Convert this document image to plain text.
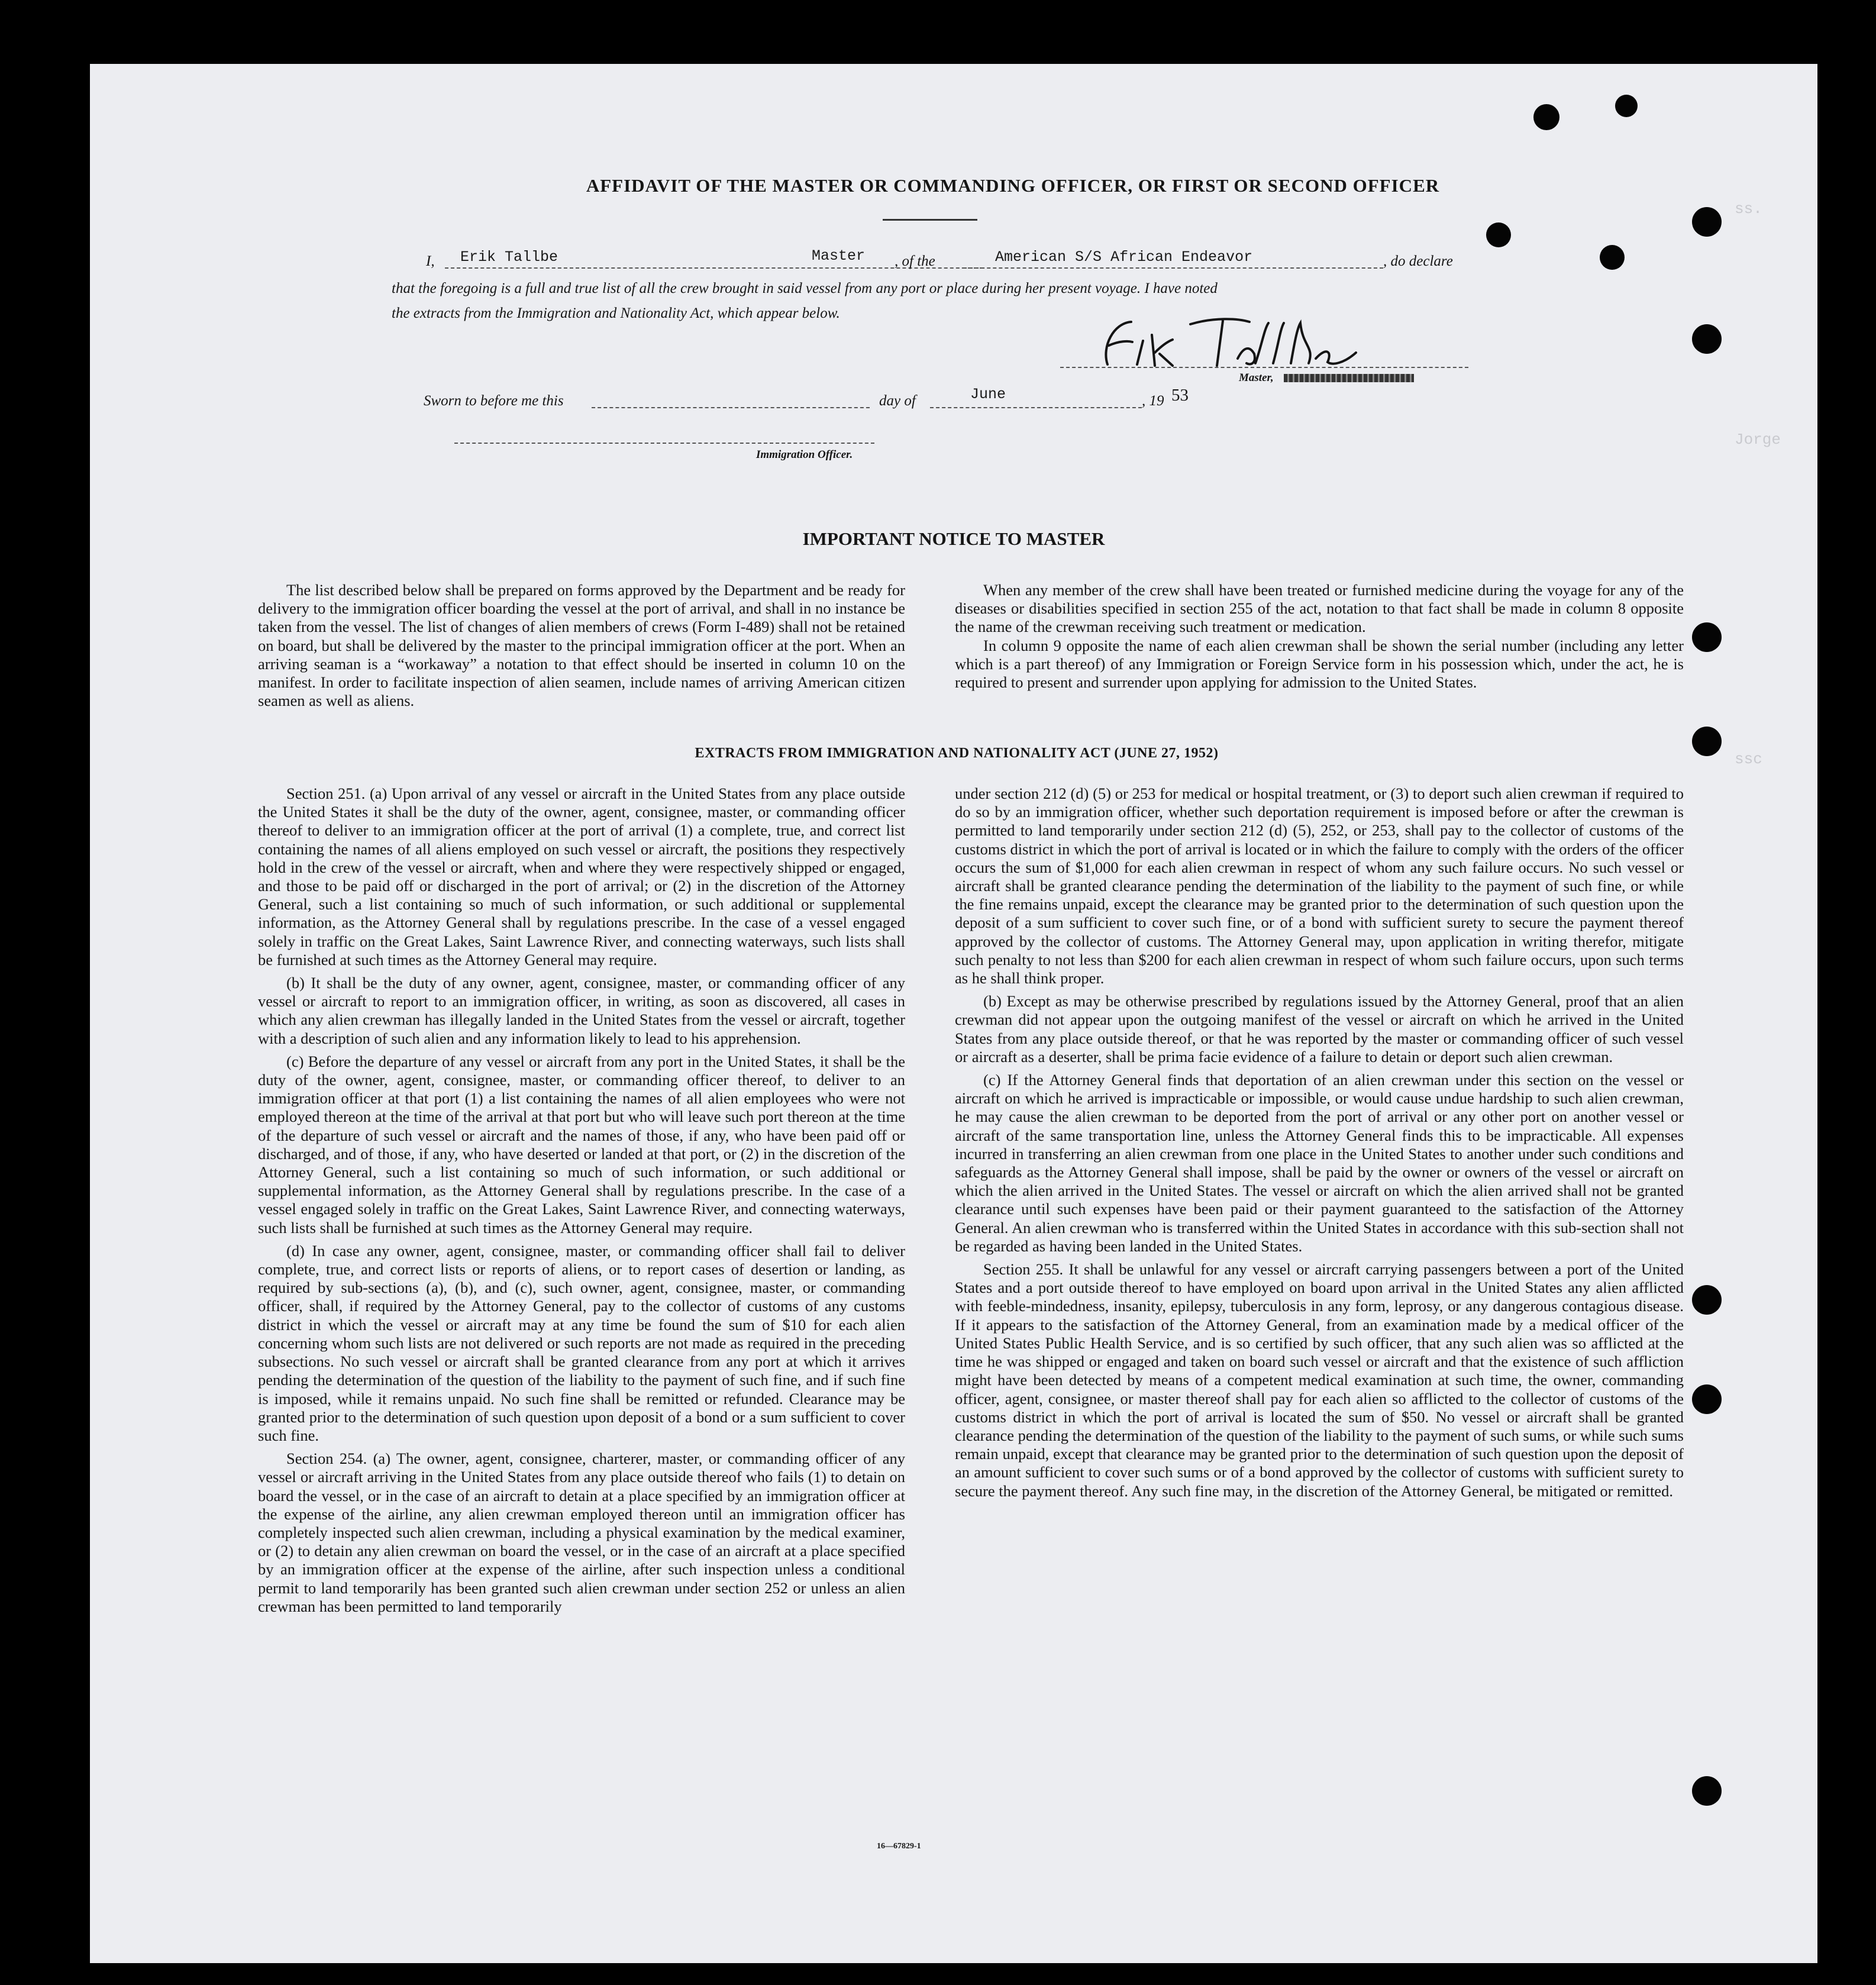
ss.
Jorge
ssc
AFFIDAVIT OF THE MASTER OR COMMANDING OFFICER, OR FIRST OR SECOND OFFICER
I, Erik Tallbe	Master , of the	American S/S African Endeavor	, do declare
that the foregoing is a full and true list of all the crew brought in said vessel from any port or place during her present voyage. I have noted
the extracts from the Immigration and Nationality Act, which appear below.
Master,
Sworn to before me this	day of	June	, 19 53
Immigration Officer.
IMPORTANT NOTICE TO MASTER

The list described below shall be prepared on forms approved by the Department and be ready for delivery to the immigration officer boarding the vessel at the port of arrival, and shall in no instance be taken from the vessel. The list of changes of alien members of crews (Form I-489) shall not be retained on board, but shall be delivered by the master to the principal immigration officer at the port. When an arriving seaman is a “workaway” a notation to that effect should be inserted in column 10 on the manifest. In order to facilitate inspection of alien seamen, include names of arriving American citizen seamen as well as aliens.

When any member of the crew shall have been treated or furnished medicine during the voyage for any of the diseases or disabilities specified in section 255 of the act, notation to that fact shall be made in column 8 opposite the name of the crewman receiving such treatment or medication.

In column 9 opposite the name of each alien crewman shall be shown the serial number (including any letter which is a part thereof) of any Immigration or Foreign Service form in his possession which, under the act, he is required to present and surrender upon applying for admission to the United States.

EXTRACTS FROM IMMIGRATION AND NATIONALITY ACT (JUNE 27, 1952)

Section 251. (a) Upon arrival of any vessel or aircraft in the United States from any place outside the United States it shall be the duty of the owner, agent, consignee, master, or commanding officer thereof to deliver to an immigration officer at the port of arrival (1) a complete, true, and correct list containing the names of all aliens employed on such vessel or aircraft, the positions they respectively hold in the crew of the vessel or aircraft, when and where they were respectively shipped or engaged, and those to be paid off or discharged in the port of arrival; or (2) in the discretion of the Attorney General, such a list containing so much of such information, or such additional or supplemental information, as the Attorney General shall by regulations prescribe. In the case of a vessel engaged solely in traffic on the Great Lakes, Saint Lawrence River, and connecting waterways, such lists shall be furnished at such times as the Attorney General may require.

(b) It shall be the duty of any owner, agent, consignee, master, or commanding officer of any vessel or aircraft to report to an immigration officer, in writing, as soon as discovered, all cases in which any alien crewman has illegally landed in the United States from the vessel or aircraft, together with a description of such alien and any information likely to lead to his apprehension.

(c) Before the departure of any vessel or aircraft from any port in the United States, it shall be the duty of the owner, agent, consignee, master, or commanding officer thereof, to deliver to an immigration officer at that port (1) a list containing the names of all alien employees who were not employed thereon at the time of the arrival at that port but who will leave such port thereon at the time of the departure of such vessel or aircraft and the names of those, if any, who have been paid off or discharged, and of those, if any, who have deserted or landed at that port, or (2) in the discretion of the Attorney General, such a list containing so much of such information, or such additional or supplemental information, as the Attorney General shall by regulations prescribe. In the case of a vessel engaged solely in traffic on the Great Lakes, Saint Lawrence River, and connecting waterways, such lists shall be furnished at such times as the Attorney General may require.

(d) In case any owner, agent, consignee, master, or commanding officer shall fail to deliver complete, true, and correct lists or reports of aliens, or to report cases of desertion or landing, as required by sub-sections (a), (b), and (c), such owner, agent, consignee, master, or commanding officer, shall, if required by the Attorney General, pay to the collector of customs of any customs district in which the vessel or aircraft may at any time be found the sum of $10 for each alien concerning whom such lists are not delivered or such reports are not made as required in the preceding subsections. No such vessel or aircraft shall be granted clearance from any port at which it arrives pending the determination of the question of the liability to the payment of such fine, and if such fine is imposed, while it remains unpaid. No such fine shall be remitted or refunded. Clearance may be granted prior to the determination of such question upon deposit of a bond or a sum sufficient to cover such fine.

Section 254. (a) The owner, agent, consignee, charterer, master, or commanding officer of any vessel or aircraft arriving in the United States from any place outside thereof who fails (1) to detain on board the vessel, or in the case of an aircraft to detain at a place specified by an immigration officer at the expense of the airline, any alien crewman employed thereon until an immigration officer has completely inspected such alien crewman, including a physical examination by the medical examiner, or (2) to detain any alien crewman on board the vessel, or in the case of an aircraft at a place specified by an immigration officer at the expense of the airline, after such inspection unless a conditional permit to land temporarily has been granted such alien crewman under section 252 or unless an alien crewman has been permitted to land temporarily

under section 212 (d) (5) or 253 for medical or hospital treatment, or (3) to deport such alien crewman if required to do so by an immigration officer, whether such deportation requirement is imposed before or after the crewman is permitted to land temporarily under section 212 (d) (5), 252, or 253, shall pay to the collector of customs of the customs district in which the port of arrival is located or in which the failure to comply with the orders of the officer occurs the sum of $1,000 for each alien crewman in respect of whom any such failure occurs. No such vessel or aircraft shall be granted clearance pending the determination of the liability to the payment of such fine, or while the fine remains unpaid, except the clearance may be granted prior to the determination of such question upon the deposit of a sum sufficient to cover such fine, or of a bond with sufficient surety to secure the payment thereof approved by the collector of customs. The Attorney General may, upon application in writing therefor, mitigate such penalty to not less than $200 for each alien crewman in respect of whom such failure occurs, upon such terms as he shall think proper.

(b) Except as may be otherwise prescribed by regulations issued by the Attorney General, proof that an alien crewman did not appear upon the outgoing manifest of the vessel or aircraft on which he arrived in the United States from any place outside thereof, or that he was reported by the master or commanding officer of such vessel or aircraft as a deserter, shall be prima facie evidence of a failure to detain or deport such alien crewman.

(c) If the Attorney General finds that deportation of an alien crewman under this section on the vessel or aircraft on which he arrived is impracticable or impossible, or would cause undue hardship to such alien crewman, he may cause the alien crewman to be deported from the port of arrival or any other port on another vessel or aircraft of the same transportation line, unless the Attorney General finds this to be impracticable. All expenses incurred in transferring an alien crewman from one place in the United States to another under such conditions and safeguards as the Attorney General shall impose, shall be paid by the owner or owners of the vessel or aircraft on which the alien arrived in the United States. The vessel or aircraft on which the alien arrived shall not be granted clearance until such expenses have been paid or their payment guaranteed to the satisfaction of the Attorney General. An alien crewman who is transferred within the United States in accordance with this sub-section shall not be regarded as having been landed in the United States.

Section 255. It shall be unlawful for any vessel or aircraft carrying passengers between a port of the United States and a port outside thereof to have employed on board upon arrival in the United States any alien afflicted with feeble-mindedness, insanity, epilepsy, tuberculosis in any form, leprosy, or any dangerous contagious disease. If it appears to the satisfaction of the Attorney General, from an examination made by a medical officer of the United States Public Health Service, and is so certified by such officer, that any such alien was so afflicted at the time he was shipped or engaged and taken on board such vessel or aircraft and that the existence of such affliction might have been detected by means of a competent medical examination at such time, the owner, commanding officer, agent, consignee, or master thereof shall pay for each alien so afflicted to the collector of customs of the customs district in which the port of arrival is located the sum of $50. No vessel or aircraft shall be granted clearance pending the determination of the question of the liability to the payment of such sums, or while such sums remain unpaid, except that clearance may be granted prior to the determination of such question upon the deposit of an amount sufficient to cover such sums or of a bond approved by the collector of customs with sufficient surety to secure the payment thereof. Any such fine may, in the discretion of the Attorney General, be mitigated or remitted.

16—67829-1
